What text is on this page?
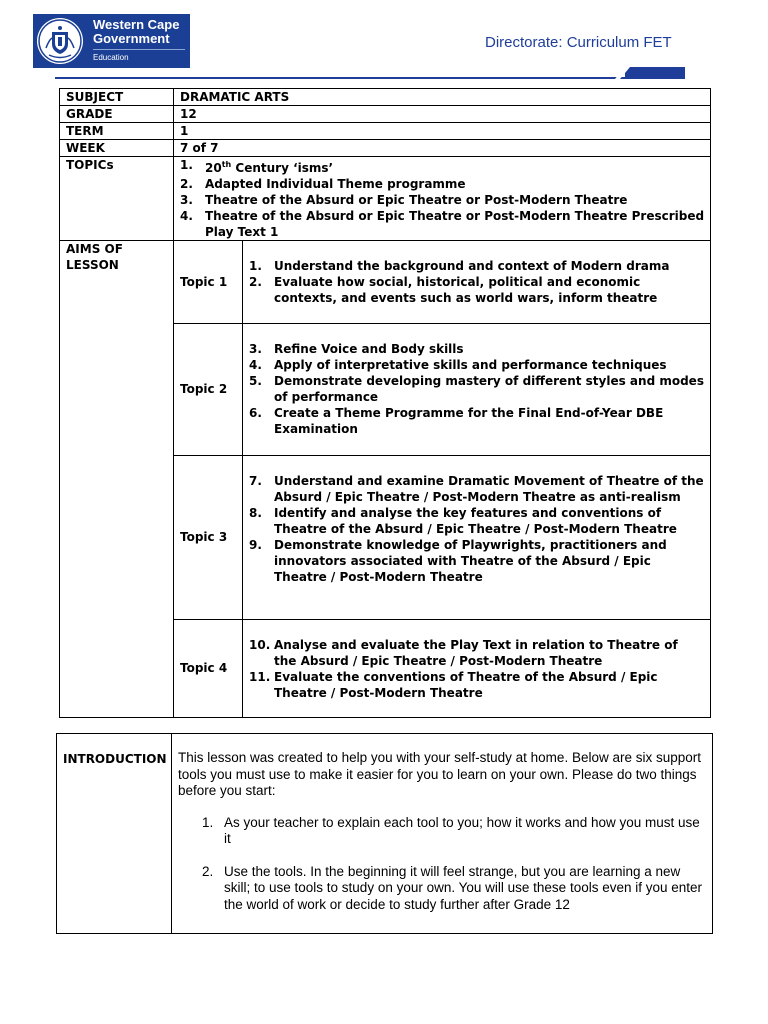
Western Cape
Government
Education
Directorate: Curriculum FET
SUBJECT	DRAMATIC ARTS
GRADE	12
TERM	1
WEEK	7 of 7
TOPICs	1. 20th Century ‘isms’
2. Adapted Individual Theme programme
3. Theatre of the Absurd or Epic Theatre or Post-Modern Theatre
4. Theatre of the Absurd or Epic Theatre or Post-Modern Theatre Prescribed Play Text 1

AIMS OF LESSON	
Topic 1	
1. Understand the background and context of Modern drama
2. Evaluate how social, historical, political and economic contexts, and events such as world wars, inform theatre

Topic 2	
3. Refine Voice and Body skills
4. Apply of interpretative skills and performance techniques
5. Demonstrate developing mastery of different styles and modes of performance
6. Create a Theme Programme for the Final End-of-Year DBE Examination

Topic 3	
7. Understand and examine Dramatic Movement of Theatre of the Absurd / Epic Theatre / Post-Modern Theatre as anti-realism
8. Identify and analyse the key features and conventions of Theatre of the Absurd / Epic Theatre / Post-Modern Theatre
9. Demonstrate knowledge of Playwrights, practitioners and innovators associated with Theatre of the Absurd / Epic Theatre / Post-Modern Theatre

Topic 4	
10. Analyse and evaluate the Play Text in relation to Theatre of the Absurd / Epic Theatre / Post-Modern Theatre
11. Evaluate the conventions of Theatre of the Absurd / Epic Theatre / Post-Modern Theatre
INTRODUCTION	This lesson was created to help you with your self-study at home. Below are six support tools you must use to make it easier for you to learn on your own. Please do two things before you start:

1. As your teacher to explain each tool to you; how it works and how you must use it
2. Use the tools. In the beginning it will feel strange, but you are learning a new skill; to use tools to study on your own. You will use these tools even if you enter the world of work or decide to study further after Grade 12
